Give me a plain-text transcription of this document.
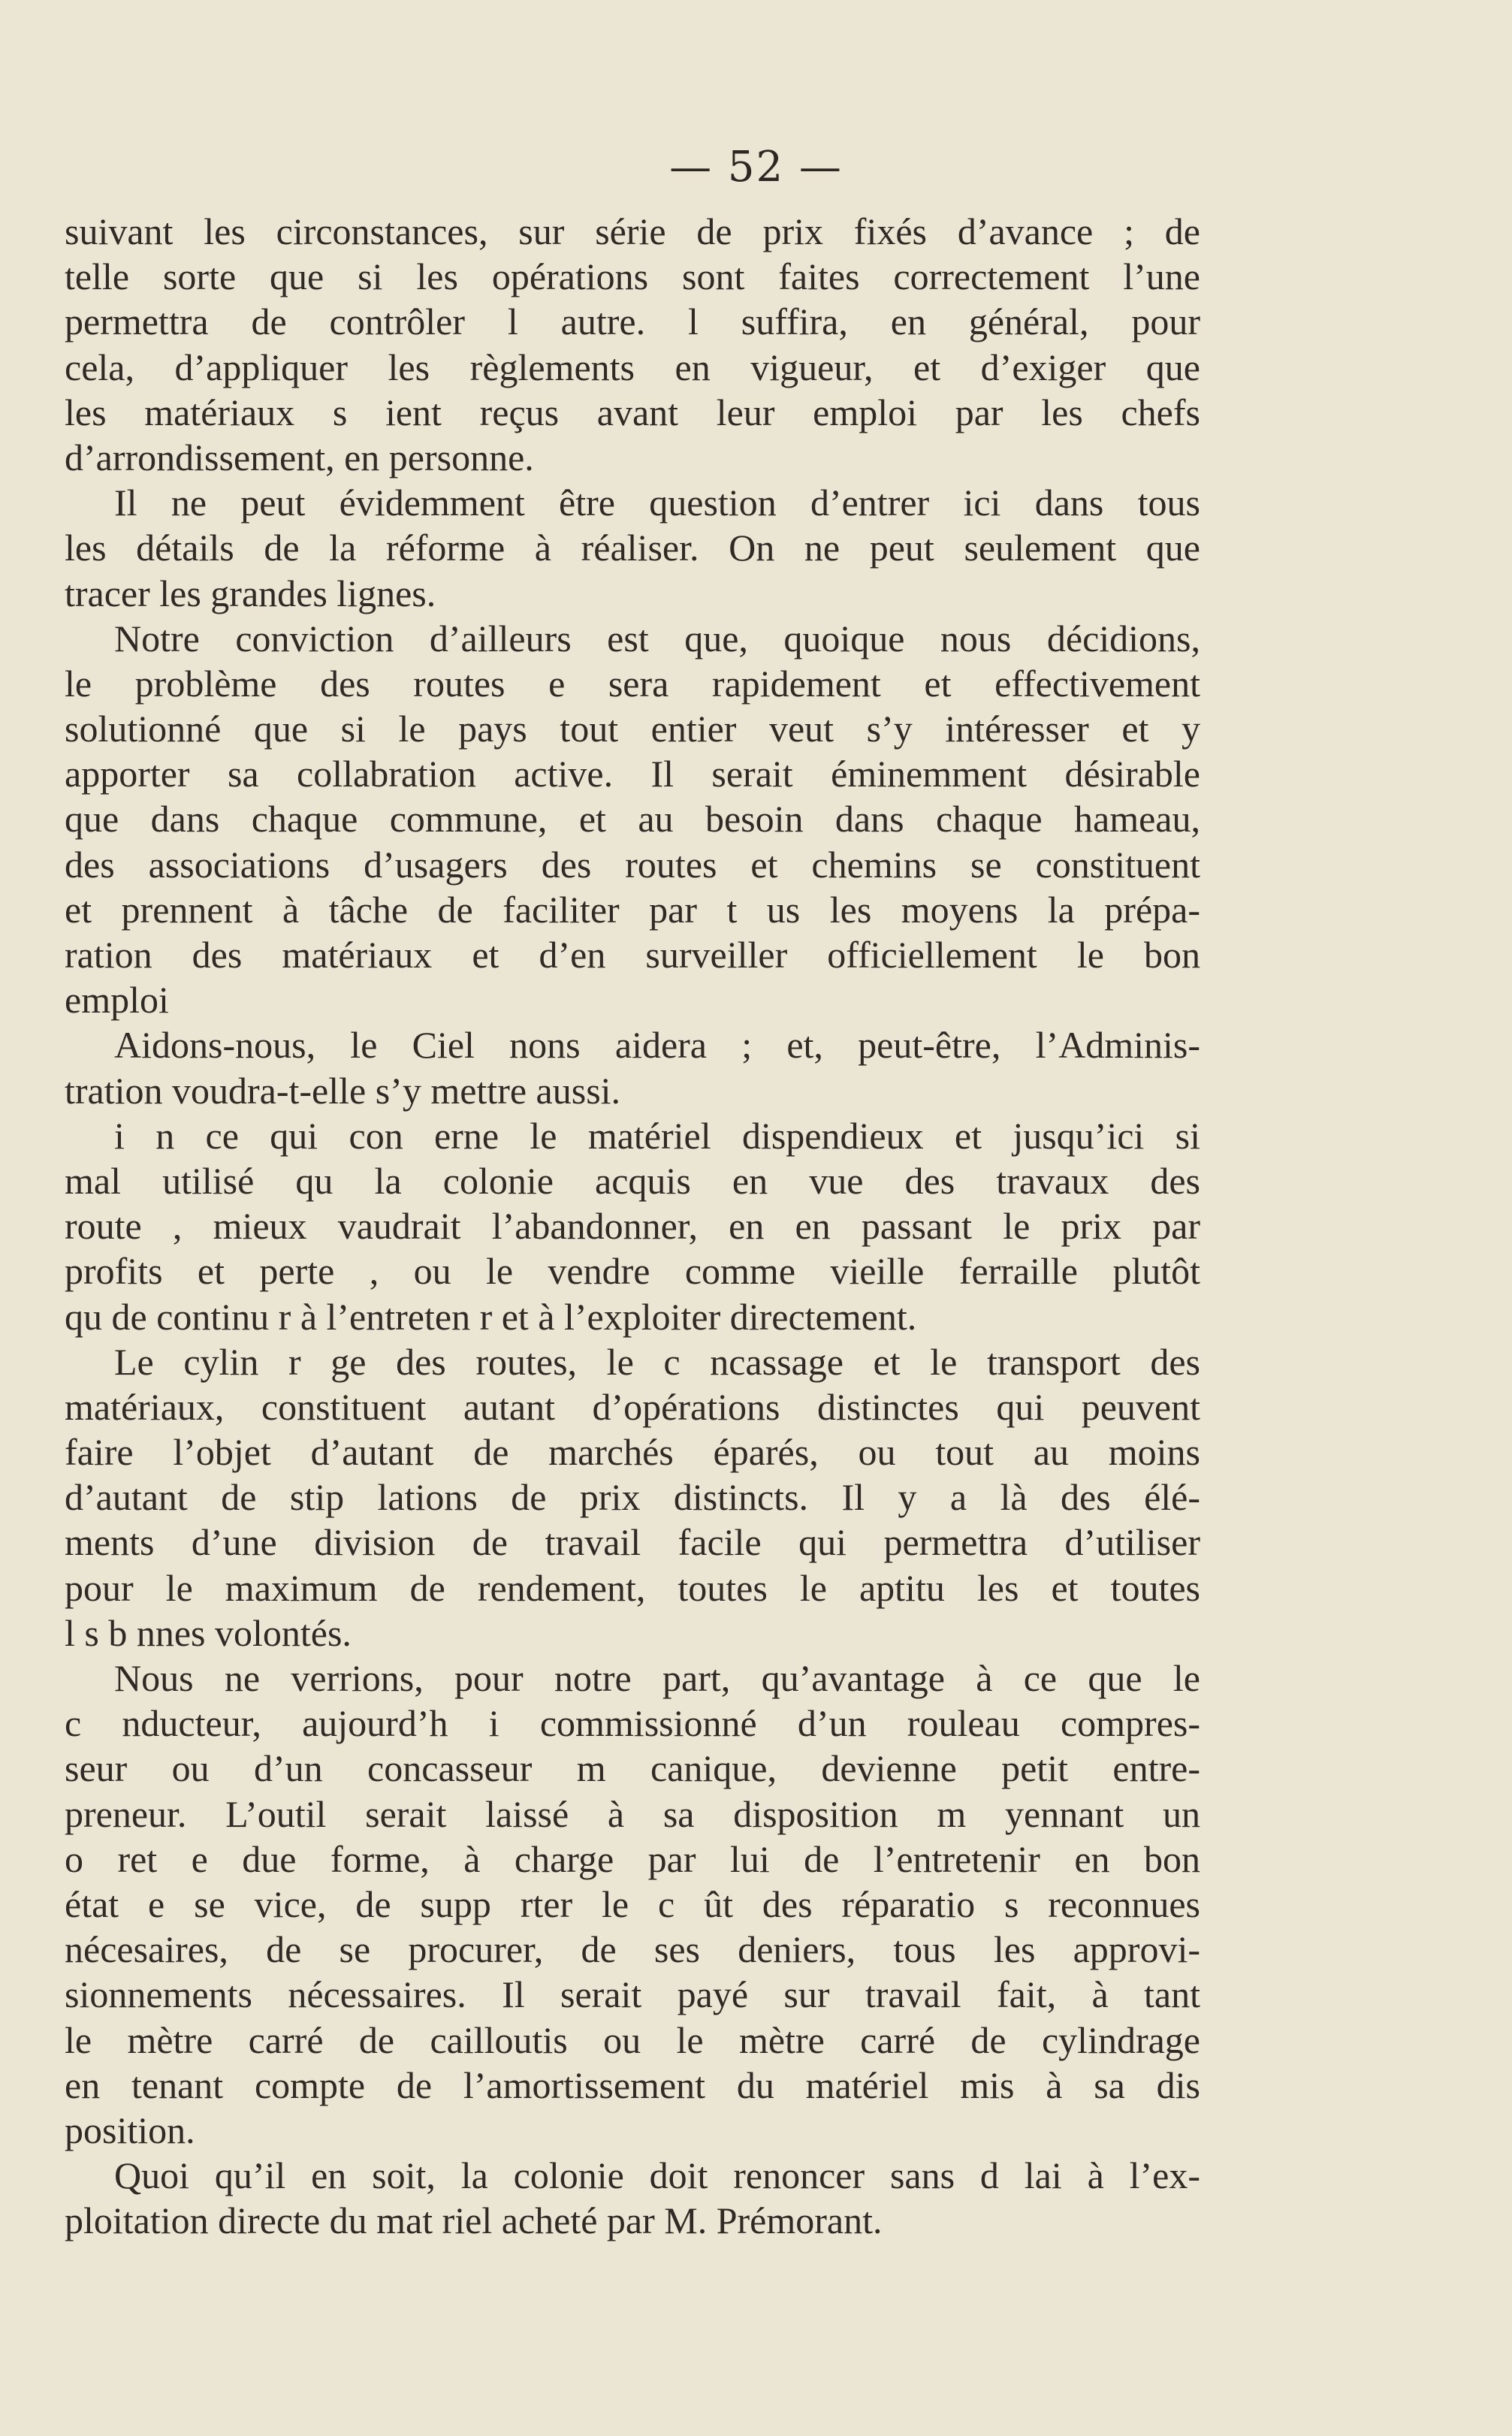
— 52 —
suivant les circonstances, sur série de prix fixés d’avance ; de
telle sorte que si les opérations sont faites correctement l’une
permettra de contrôler l autre. l suffira, en général, pour
cela, d’appliquer les règlements en vigueur, et d’exiger que
les matériaux s ient reçus avant leur emploi par les chefs
d’arrondissement, en personne.
Il ne peut évidemment être question d’entrer ici dans tous
les détails de la réforme à réaliser. On ne peut seulement que
tracer les grandes lignes.
Notre conviction d’ailleurs est que, quoique nous décidions,
le problème des routes e sera rapidement et effectivement
solutionné que si le pays tout entier veut s’y intéresser et y
apporter sa collabration active. Il serait éminemment désirable
que dans chaque commune, et au besoin dans chaque hameau,
des associations d’usagers des routes et chemins se constituent
et prennent à tâche de faciliter par t us les moyens la prépa-
ration des matériaux et d’en surveiller officiellement le bon
emploi
Aidons-nous, le Ciel nons aidera ; et, peut-être, l’Adminis-
tration voudra-t-elle s’y mettre aussi.
i n ce qui con erne le matériel dispendieux et jusqu’ici si
mal utilisé qu la colonie acquis en vue des travaux des
route , mieux vaudrait l’abandonner, en en passant le prix par
profits et perte , ou le vendre comme vieille ferraille plutôt
qu de continu r à l’entreten r et à l’exploiter directement.
Le cylin r ge des routes, le c ncassage et le transport des
matériaux, constituent autant d’opérations distinctes qui peuvent
faire l’objet d’autant de marchés éparés, ou tout au moins
d’autant de stip lations de prix distincts. Il y a là des élé-
ments d’une division de travail facile qui permettra d’utiliser
pour le maximum de rendement, toutes le aptitu les et toutes
l s b nnes volontés.
Nous ne verrions, pour notre part, qu’avantage à ce que le
c nducteur, aujourd’h i commissionné d’un rouleau compres-
seur ou d’un concasseur m canique, devienne petit entre-
preneur. L’outil serait laissé à sa disposition m yennant un
o ret e due forme, à charge par lui de l’entretenir en bon
état e se vice, de supp rter le c ût des réparatio s reconnues
nécesaires, de se procurer, de ses deniers, tous les approvi-
sionnements nécessaires. Il serait payé sur travail fait, à tant
le mètre carré de cailloutis ou le mètre carré de cylindrage
en tenant compte de l’amortissement du matériel mis à sa dis
position.
Quoi qu’il en soit, la colonie doit renoncer sans d lai à l’ex-
ploitation directe du mat riel acheté par M. Prémorant.
